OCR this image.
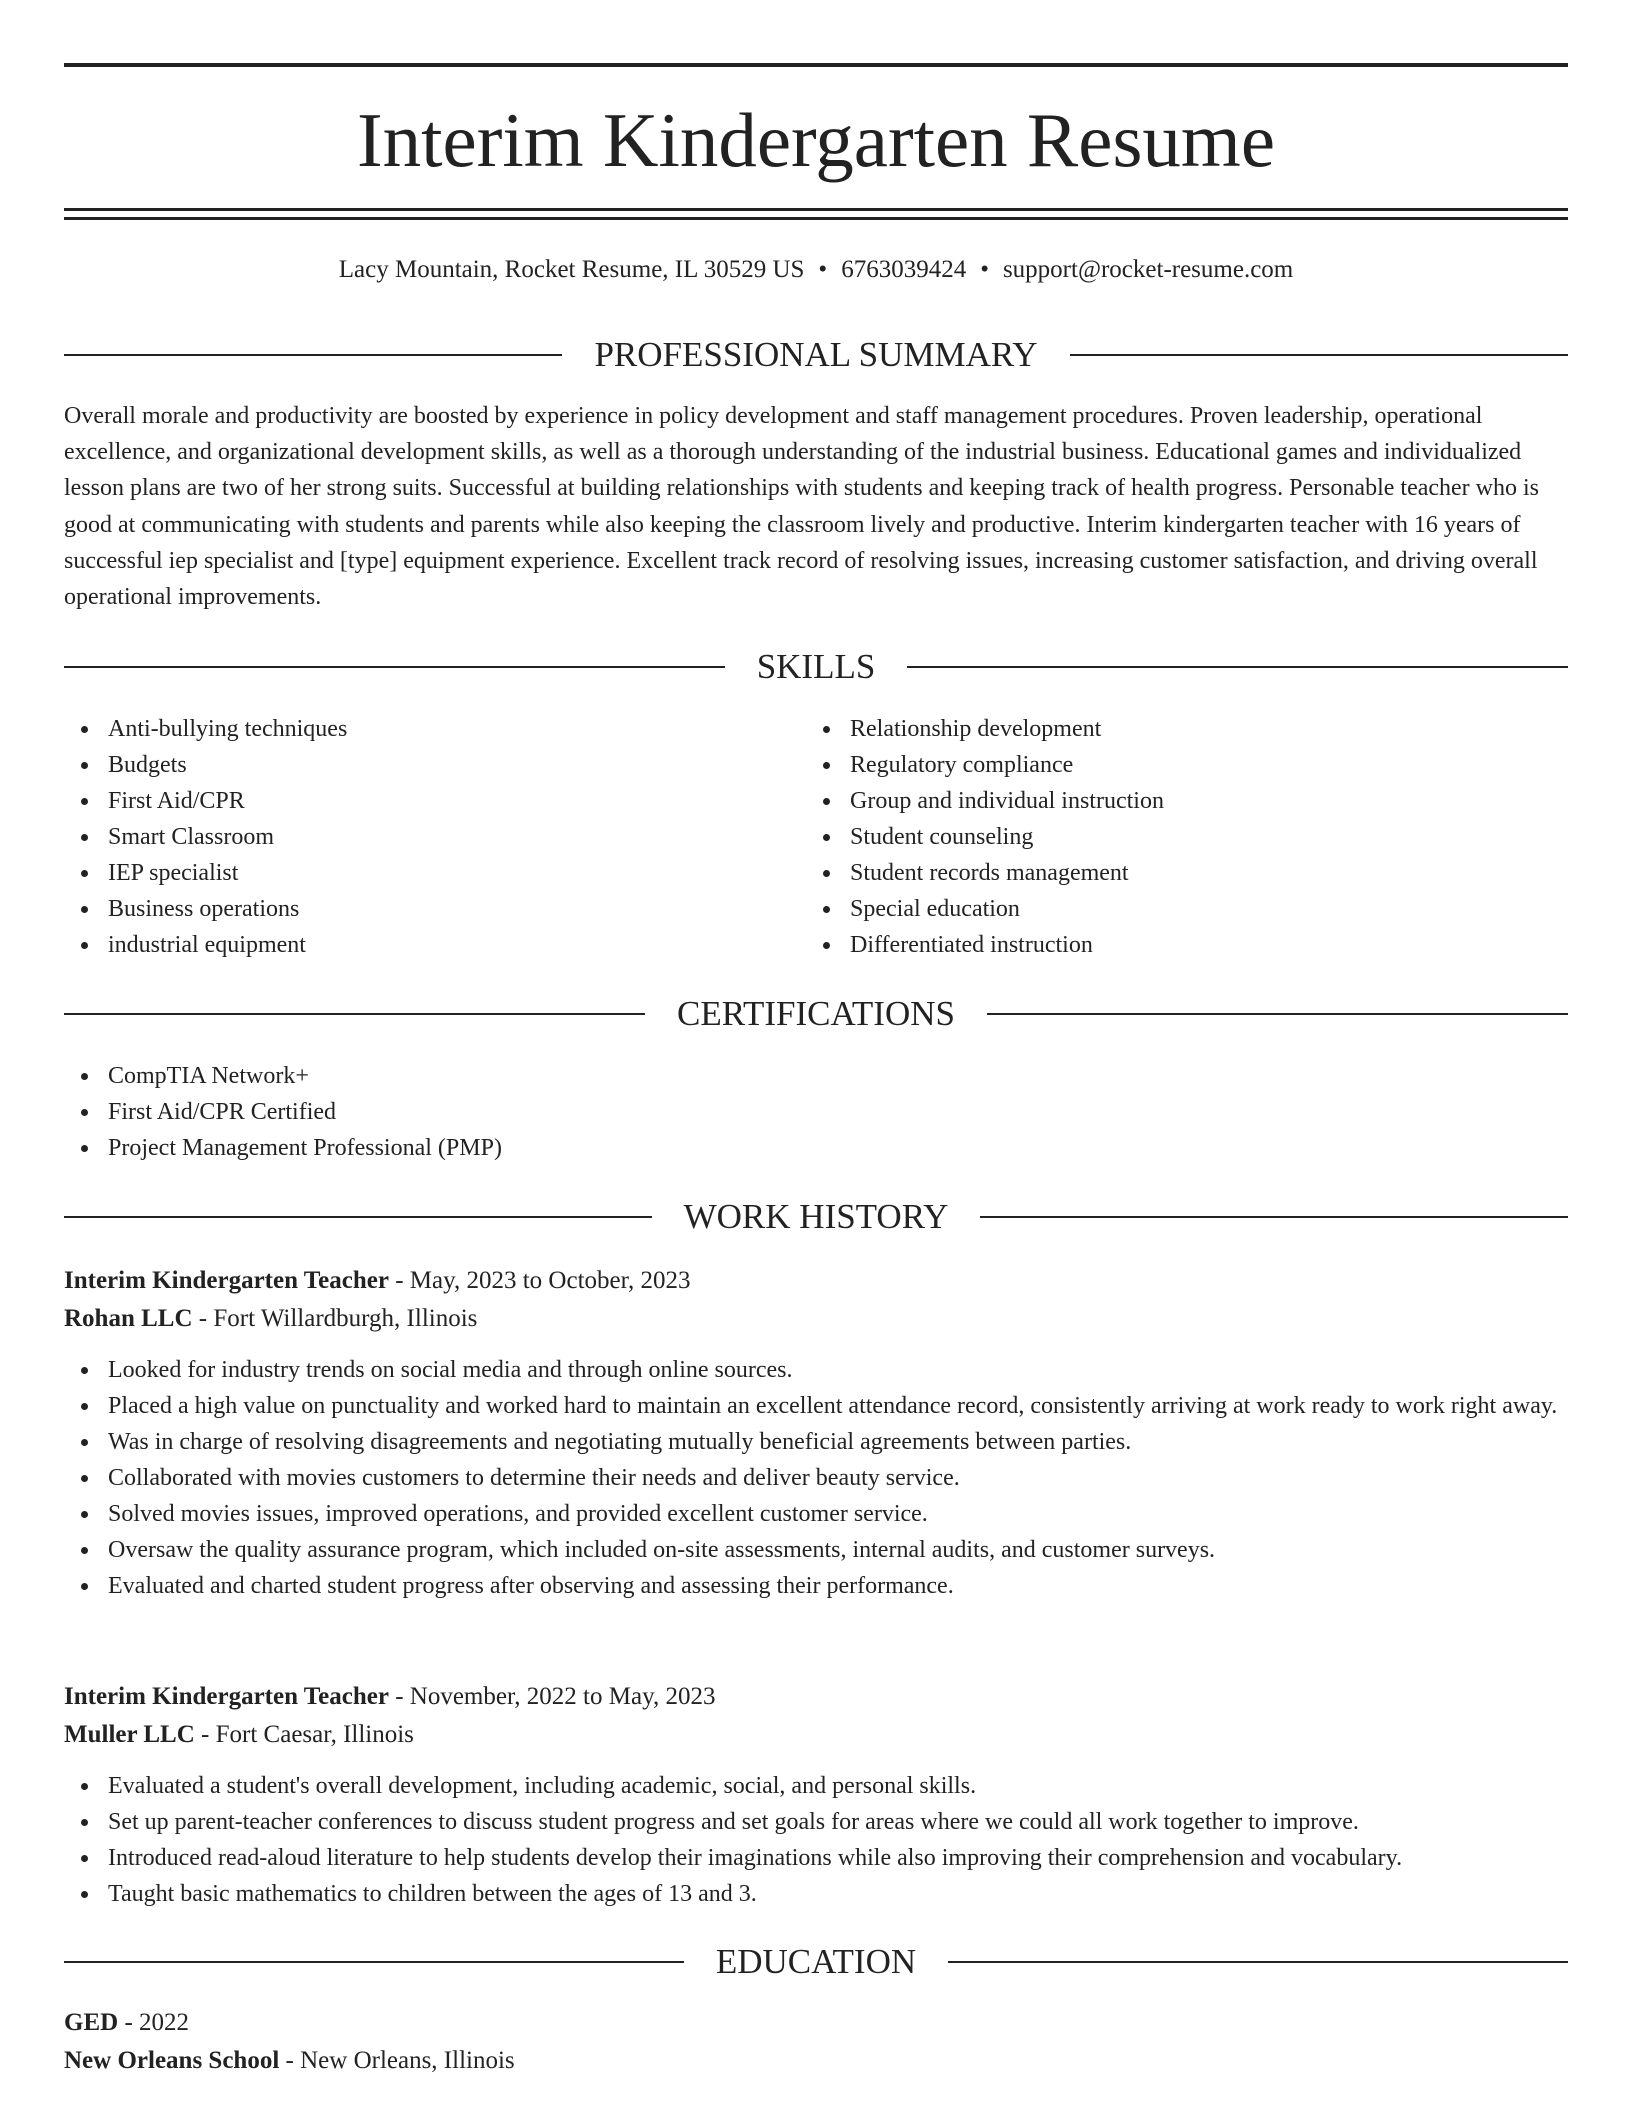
Interim Kindergarten Resume
Lacy Mountain, Rocket Resume, IL 30529 US • 6763039424 • support@rocket-resume.com
PROFESSIONAL SUMMARY

Overall morale and productivity are boosted by experience in policy development and staff management procedures. Proven leadership, operational excellence, and organizational development skills, as well as a thorough understanding of the industrial business. Educational games and individualized lesson plans are two of her strong suits. Successful at building relationships with students and keeping track of health progress. Personable teacher who is good at communicating with students and parents while also keeping the classroom lively and productive. Interim kindergarten teacher with 16 years of successful iep specialist and [type] equipment experience. Excellent track record of resolving issues, increasing customer satisfaction, and driving overall operational improvements.

SKILLS
Anti-bullying techniques
Budgets
First Aid/CPR
Smart Classroom
IEP specialist
Business operations
industrial equipment
Relationship development
Regulatory compliance
Group and individual instruction
Student counseling
Student records management
Special education
Differentiated instruction
CERTIFICATIONS
CompTIA Network+
First Aid/CPR Certified
Project Management Professional (PMP)
WORK HISTORY
Interim Kindergarten Teacher - May, 2023 to October, 2023
Rohan LLC - Fort Willardburgh, Illinois
Looked for industry trends on social media and through online sources.
Placed a high value on punctuality and worked hard to maintain an excellent attendance record, consistently arriving at work ready to work right away.
Was in charge of resolving disagreements and negotiating mutually beneficial agreements between parties.
Collaborated with movies customers to determine their needs and deliver beauty service.
Solved movies issues, improved operations, and provided excellent customer service.
Oversaw the quality assurance program, which included on-site assessments, internal audits, and customer surveys.
Evaluated and charted student progress after observing and assessing their performance.
Interim Kindergarten Teacher - November, 2022 to May, 2023
Muller LLC - Fort Caesar, Illinois
Evaluated a student's overall development, including academic, social, and personal skills.
Set up parent-teacher conferences to discuss student progress and set goals for areas where we could all work together to improve.
Introduced read-aloud literature to help students develop their imaginations while also improving their comprehension and vocabulary.
Taught basic mathematics to children between the ages of 13 and 3.
EDUCATION
GED - 2022
New Orleans School - New Orleans, Illinois
